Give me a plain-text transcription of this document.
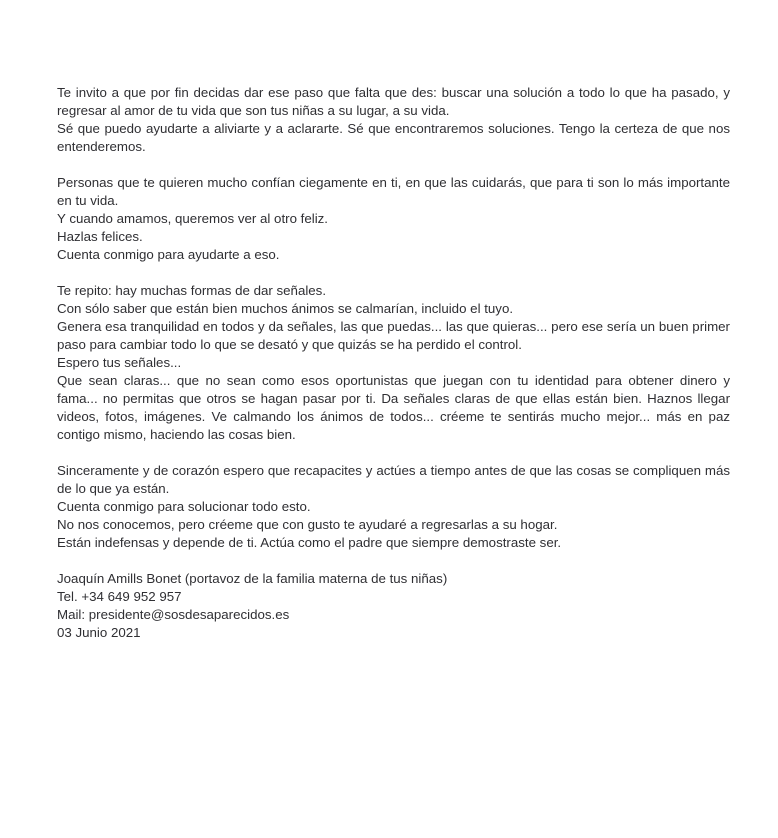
Te invito a que por fin decidas dar ese paso que falta que des: buscar una solución a todo lo que ha pasado, y

regresar al amor de tu vida que son tus niñas a su lugar, a su vida.

Sé que puedo ayudarte a aliviarte y a aclararte. Sé que encontraremos soluciones. Tengo la certeza de que nos

entenderemos.

Personas que te quieren mucho confían ciegamente en ti, en que las cuidarás, que para ti son lo más importante

en tu vida.

Y cuando amamos, queremos ver al otro feliz.

Hazlas felices.

Cuenta conmigo para ayudarte a eso.

Te repito: hay muchas formas de dar señales.

Con sólo saber que están bien muchos ánimos se calmarían, incluido el tuyo.

Genera esa tranquilidad en todos y da señales, las que puedas... las que quieras... pero ese sería un buen primer

paso para cambiar todo lo que se desató y que quizás se ha perdido el control.

Espero tus señales...

Que sean claras... que no sean como esos oportunistas que juegan con tu identidad para obtener dinero y

fama... no permitas que otros se hagan pasar por ti. Da señales claras de que ellas están bien. Haznos llegar

videos, fotos, imágenes. Ve calmando los ánimos de todos... créeme te sentirás mucho mejor... más en paz

contigo mismo, haciendo las cosas bien.

Sinceramente y de corazón espero que recapacites y actúes a tiempo antes de que las cosas se compliquen más

de lo que ya están.

Cuenta conmigo para solucionar todo esto.

No nos conocemos, pero créeme que con gusto te ayudaré a regresarlas a su hogar.

Están indefensas y depende de ti. Actúa como el padre que siempre demostraste ser.

Joaquín Amills Bonet (portavoz de la familia materna de tus niñas)

Tel. +34 649 952 957

Mail: presidente@sosdesaparecidos.es

03 Junio 2021
